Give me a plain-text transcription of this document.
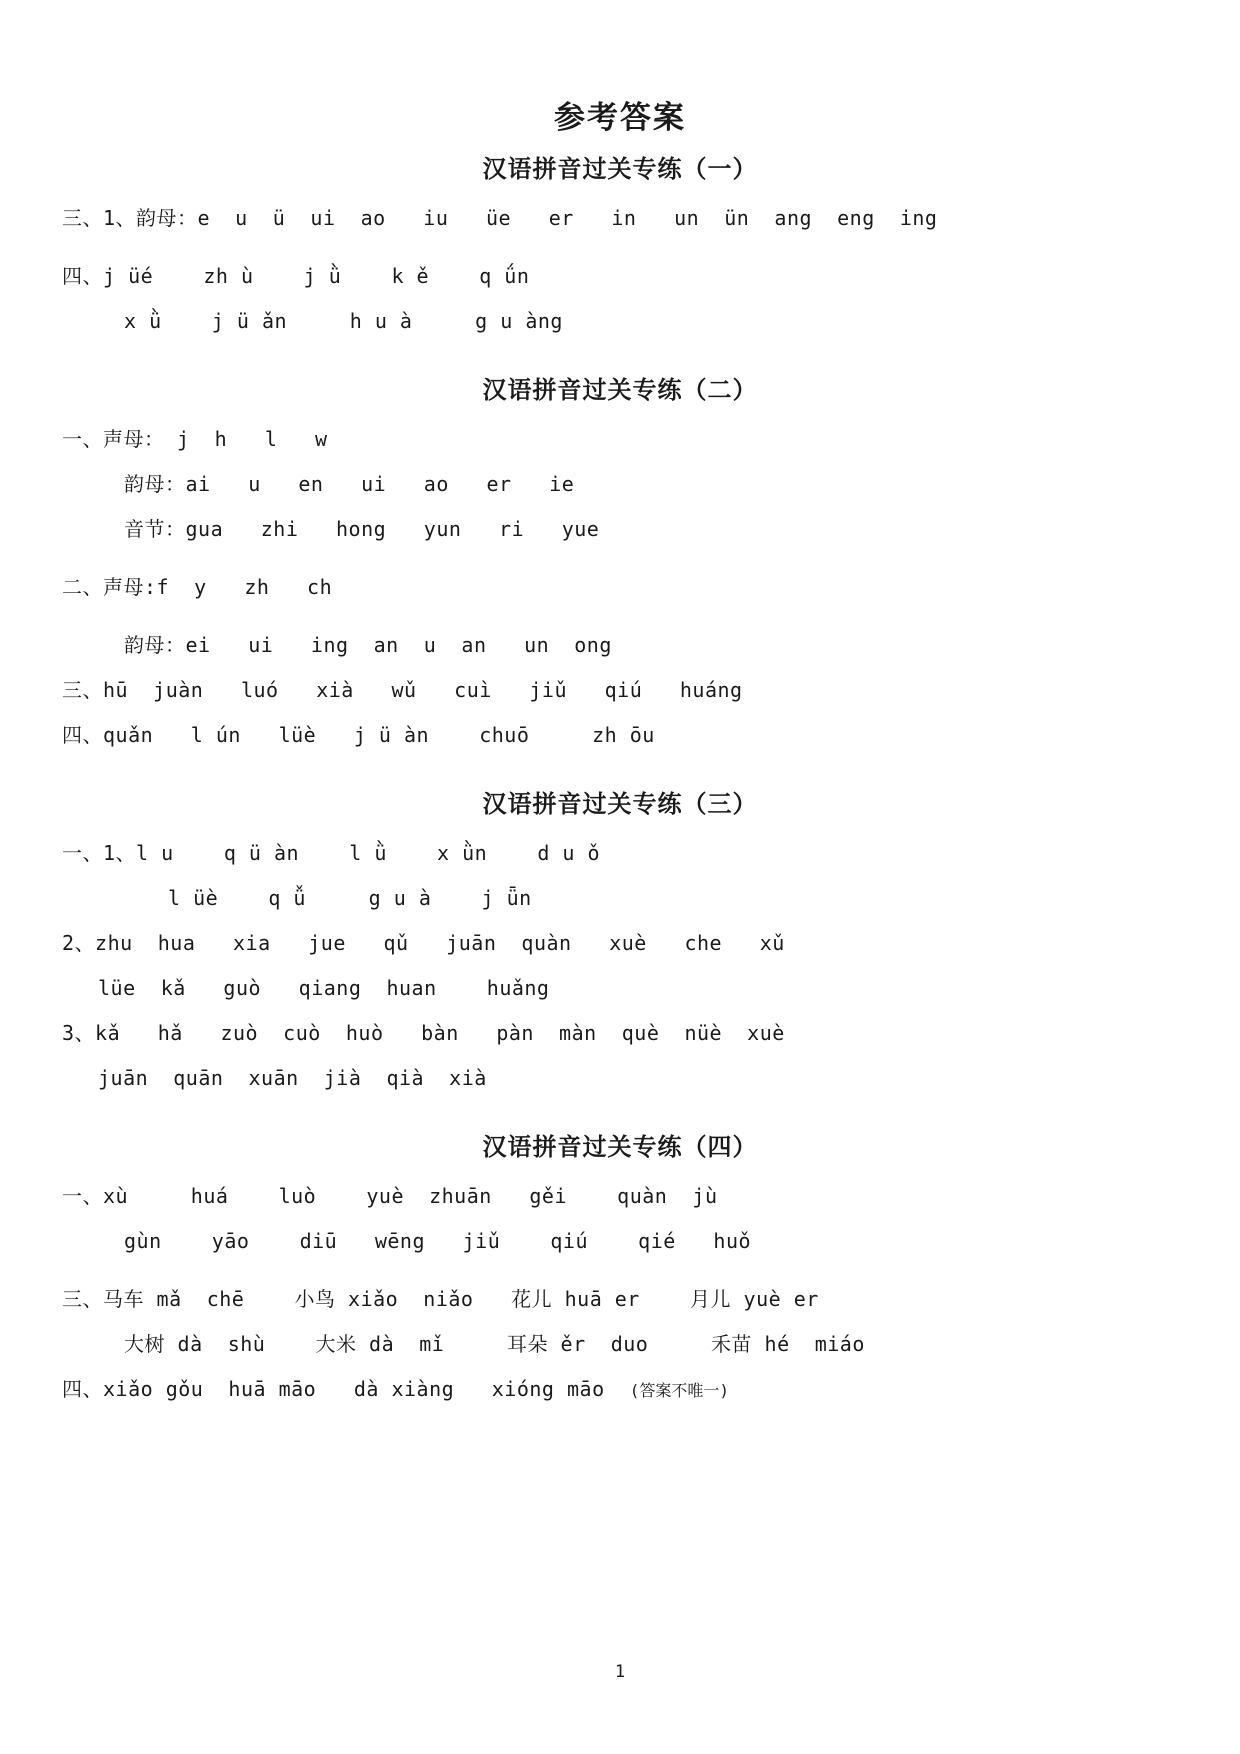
参考答案
汉语拼音过关专练（一）
三、1、韵母：e  u  ü  ui  ao   iu   üe   er   in   un  ün  ang  eng  ing
四、j üé    zh ù    j ǜ    k ě    q ǘn
x ǜ    j ü ǎn     h u à     g u àng
汉语拼音过关专练（二）
一、声母： j  h   l   w
韵母：ai   u   en   ui   ao   er   ie
音节：gua   zhi   hong   yun   ri   yue
二、声母:f  y   zh   ch
韵母：ei   ui   ing  an  u  an   un  ong
三、hū  juàn   luó   xià   wǔ   cuì   jiǔ   qiú   huáng
四、quǎn   l ún   lüè   j ü àn    chuō     zh ōu
汉语拼音过关专练（三）
一、1、l u    q ü àn    l ǜ    x ǜn    d u ǒ
l üè    q ǚ     g u à    j ǖn
2、zhu  hua   xia   jue   qǔ   juān  quàn   xuè   che   xǔ
lüe  kǎ   guò   qiang  huan    huǎng
3、kǎ   hǎ   zuò  cuò  huò   bàn   pàn  màn  què  nüè  xuè
juān  quān  xuān  jià  qià  xià
汉语拼音过关专练（四）
一、xù     huá    luò    yuè  zhuān   gěi    quàn  jù
gùn    yāo    diū   wēng   jiǔ    qiú    qié   huǒ
三、马车 mǎ  chē    小鸟 xiǎo  niǎo   花儿 huā er    月儿 yuè er
大树 dà  shù    大米 dà  mǐ     耳朵 ěr  duo     禾苗 hé  miáo
四、xiǎo gǒu  huā māo   dà xiàng   xióng māo  (答案不唯一)
1
